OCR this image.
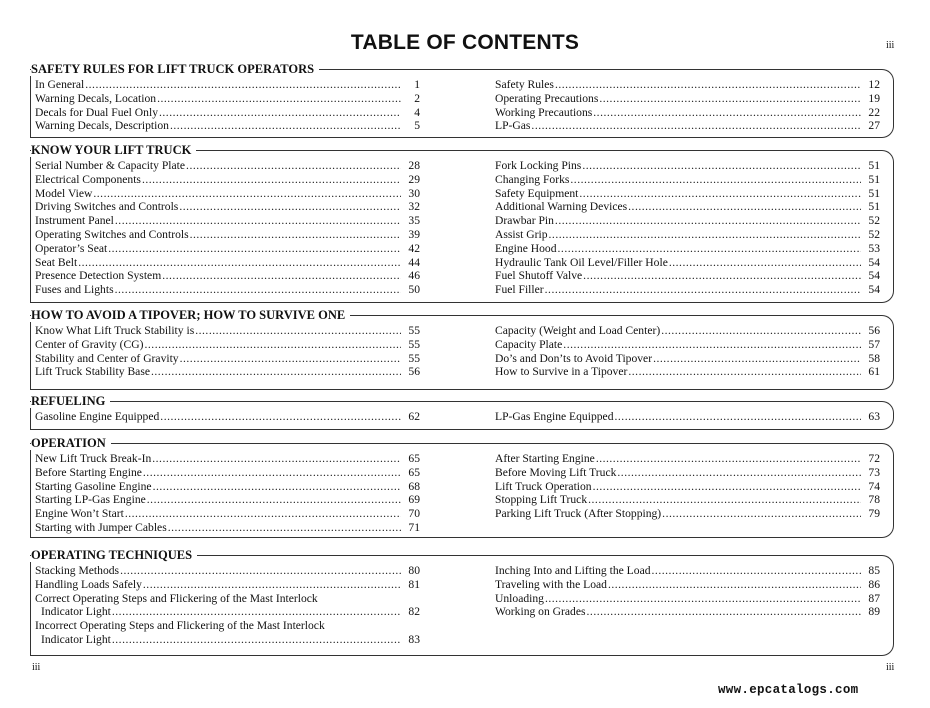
TABLE OF CONTENTS	iii
SAFETY RULES FOR LIFT TRUCK OPERATORS
In General .....	1
Warning Decals, Location .....	2
Decals for Dual Fuel Only .....	4
Warning Decals, Description .....	5
Safety Rules .....	12
Operating Precautions .....	19
Working Precautions .....	22
LP-Gas .....	27
KNOW YOUR LIFT TRUCK
Serial Number & Capacity Plate .....	28
Electrical Components .....	29
Model View .....	30
Driving Switches and Controls .....	32
Instrument Panel .....	35
Operating Switches and Controls .....	39
Operator’s Seat .....	42
Seat Belt .....	44
Presence Detection System .....	46
Fuses and Lights .....	50
Fork Locking Pins .....	51
Changing Forks .....	51
Safety Equipment .....	51
Additional Warning Devices .....	51
Drawbar Pin .....	52
Assist Grip .....	52
Engine Hood .....	53
Hydraulic Tank Oil Level/Filler Hole .....	54
Fuel Shutoff Valve .....	54
Fuel Filler .....	54
HOW TO AVOID A TIPOVER; HOW TO SURVIVE ONE
Know What Lift Truck Stability is .....	55
Center of Gravity (CG) .....	55
Stability and Center of Gravity .....	55
Lift Truck Stability Base .....	56
Capacity (Weight and Load Center) .....	56
Capacity Plate .....	57
Do’s and Don’ts to Avoid Tipover .....	58
How to Survive in a Tipover .....	61
REFUELING
Gasoline Engine Equipped .....	62	LP-Gas Engine Equipped .....	63
OPERATION
New Lift Truck Break-In .....	65
Before Starting Engine .....	65
Starting Gasoline Engine .....	68
Starting LP-Gas Engine .....	69
Engine Won’t Start .....	70
Starting with Jumper Cables .....	71
After Starting Engine .....	72
Before Moving Lift Truck .....	73
Lift Truck Operation .....	74
Stopping Lift Truck .....	78
Parking Lift Truck (After Stopping) .....	79
OPERATING TECHNIQUES
Stacking Methods .....	80
Handling Loads Safely .....	81
Correct Operating Steps and Flickering of the Mast Interlock
Indicator Light .....	82
Incorrect Operating Steps and Flickering of the Mast Interlock
Indicator Light .....	83
Inching Into and Lifting the Load .....	85
Traveling with the Load .....	86
Unloading .....	87
Working on Grades .....	89
iii	iii
www.epcatalogs.com
